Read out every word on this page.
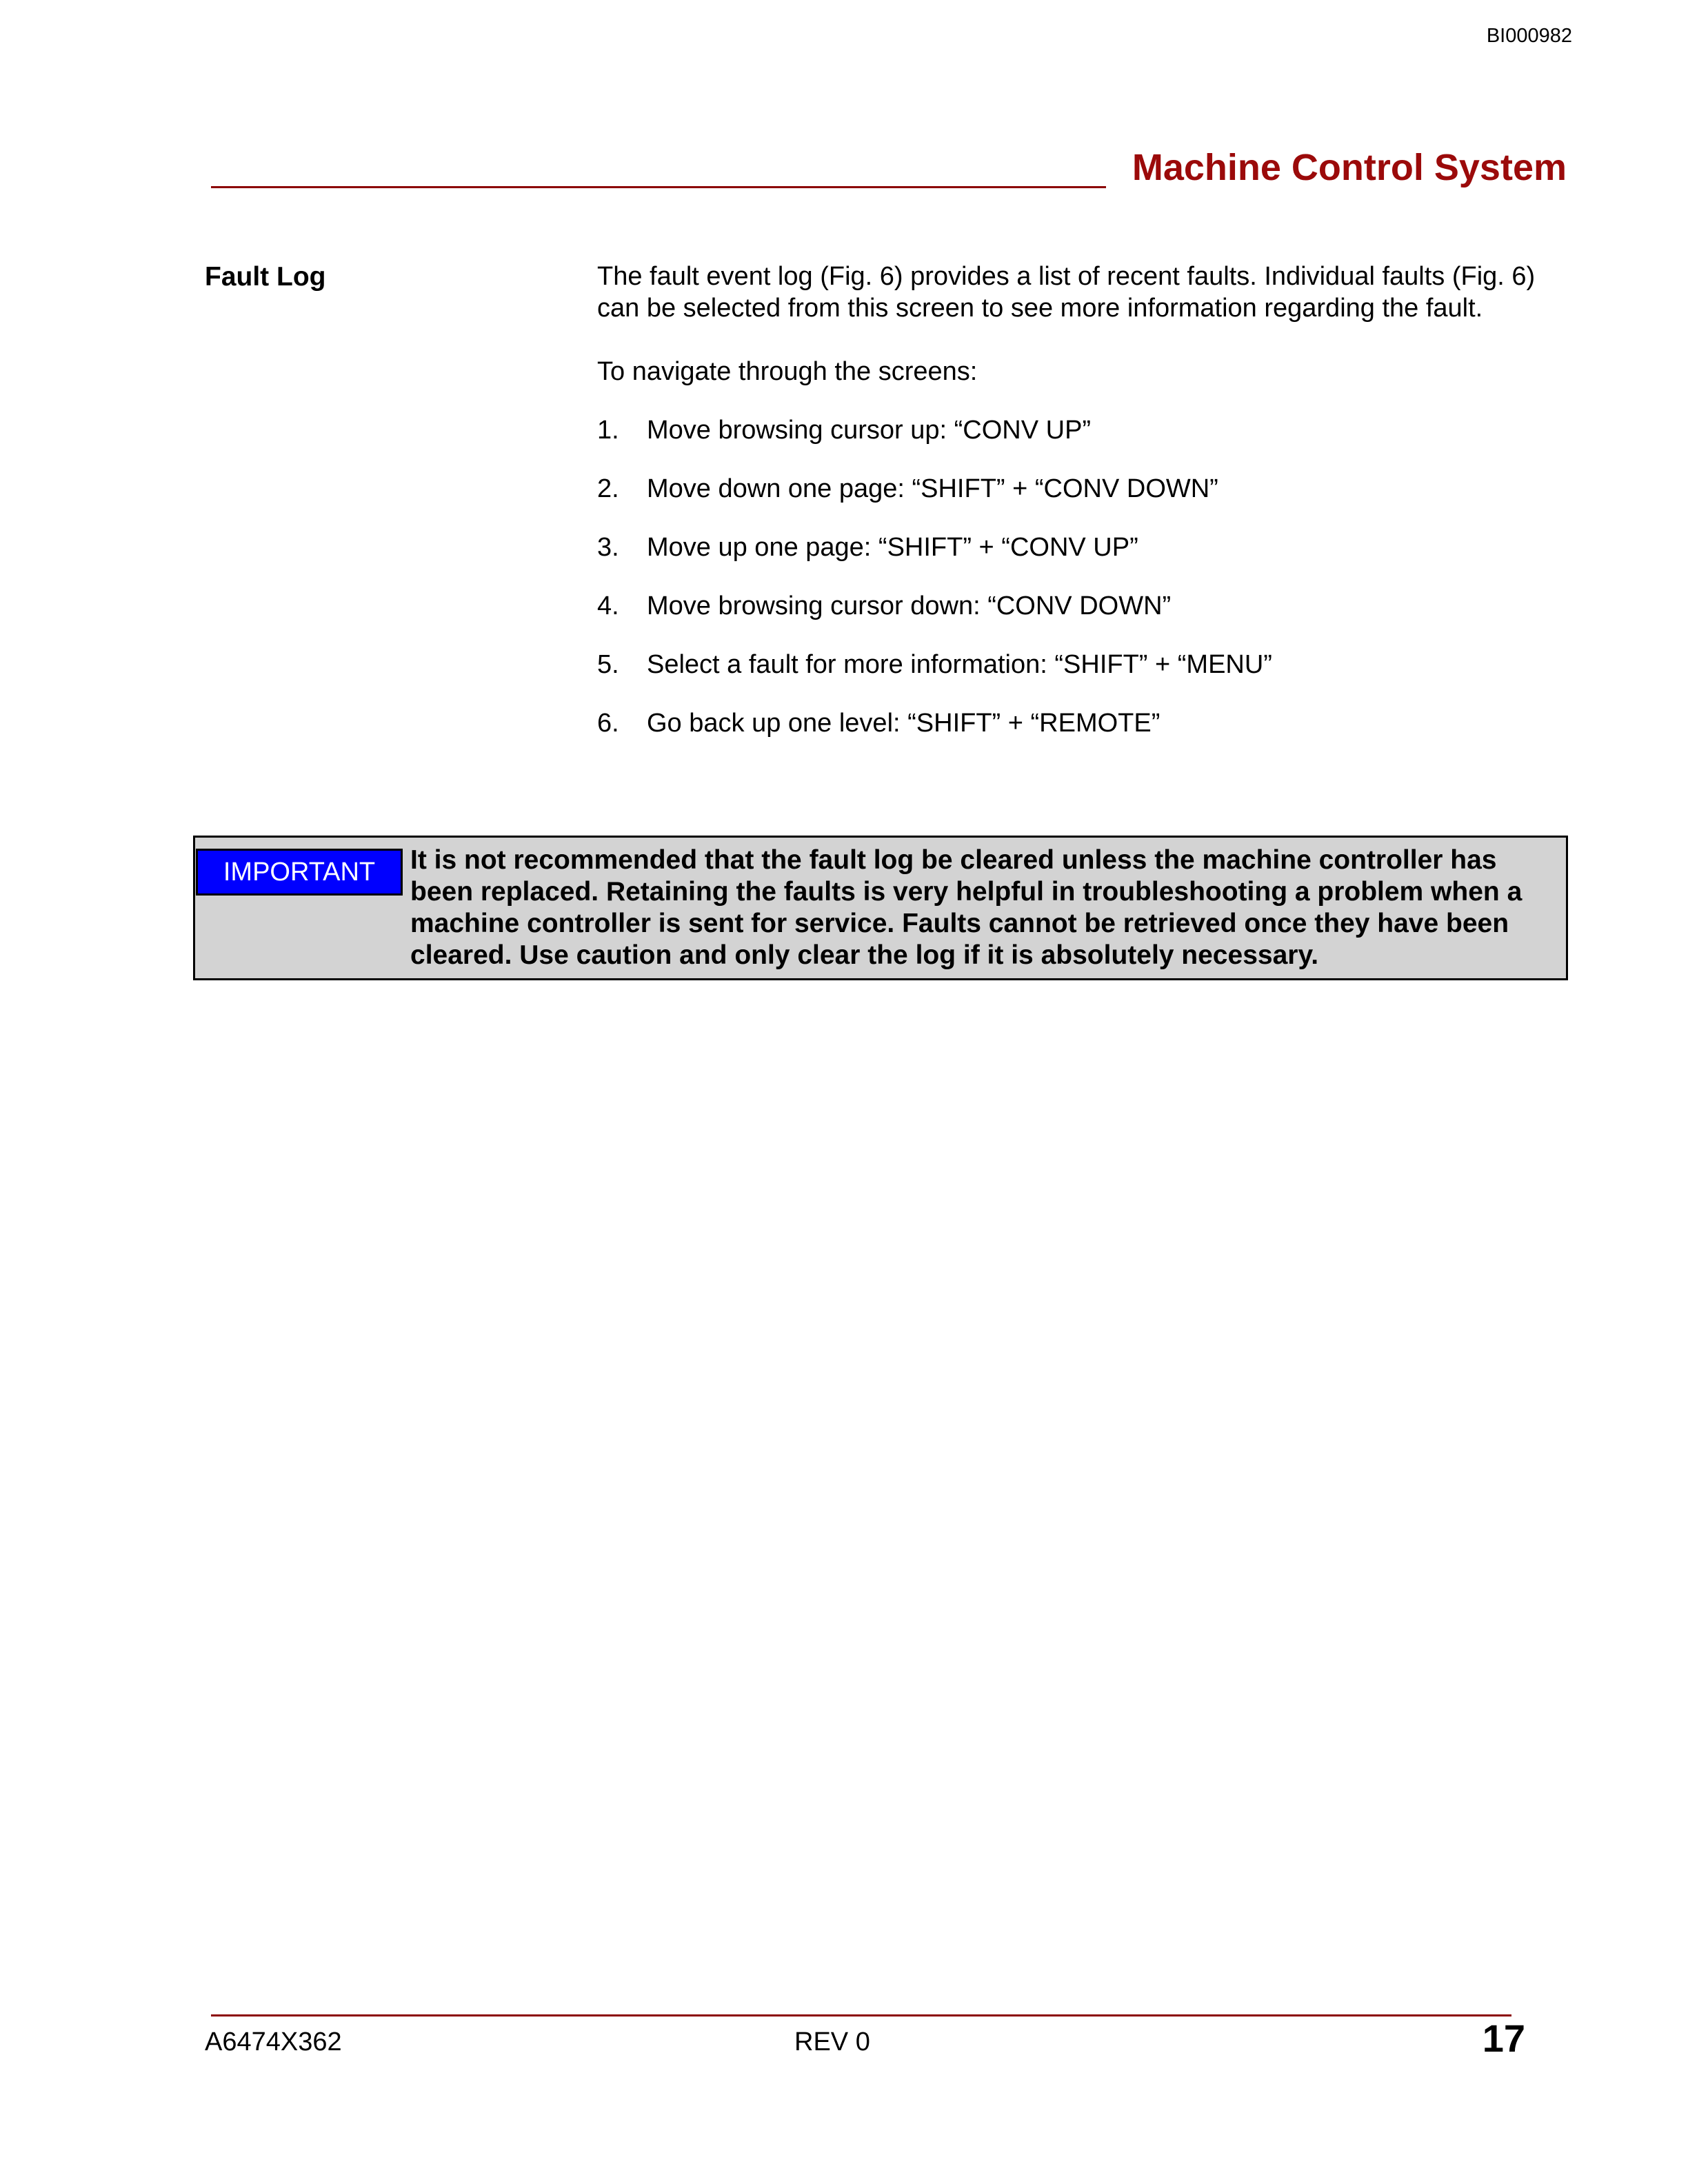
BI000982
Machine Control System
Fault Log	The fault event log (Fig. 6) provides a list of recent faults. Individual faults (Fig. 6) can be selected from this screen to see more information regarding the fault.

To navigate through the screens:

1.	Move browsing cursor up: “CONV UP”
2.	Move down one page: “SHIFT” + “CONV DOWN”
3.	Move up one page: “SHIFT” + “CONV UP”
4.	Move browsing cursor down: “CONV DOWN”
5.	Select a fault for more information: “SHIFT” + “MENU”
6.	Go back up one level: “SHIFT” + “REMOTE”
IMPORTANT	It is not recommended that the fault log be cleared unless the machine controller has been replaced. Retaining the faults is very helpful in troubleshooting a problem when a machine controller is sent for service. Faults cannot be retrieved once they have been cleared. Use caution and only clear the log if it is absolutely necessary.
A6474X362	REV 0	17
